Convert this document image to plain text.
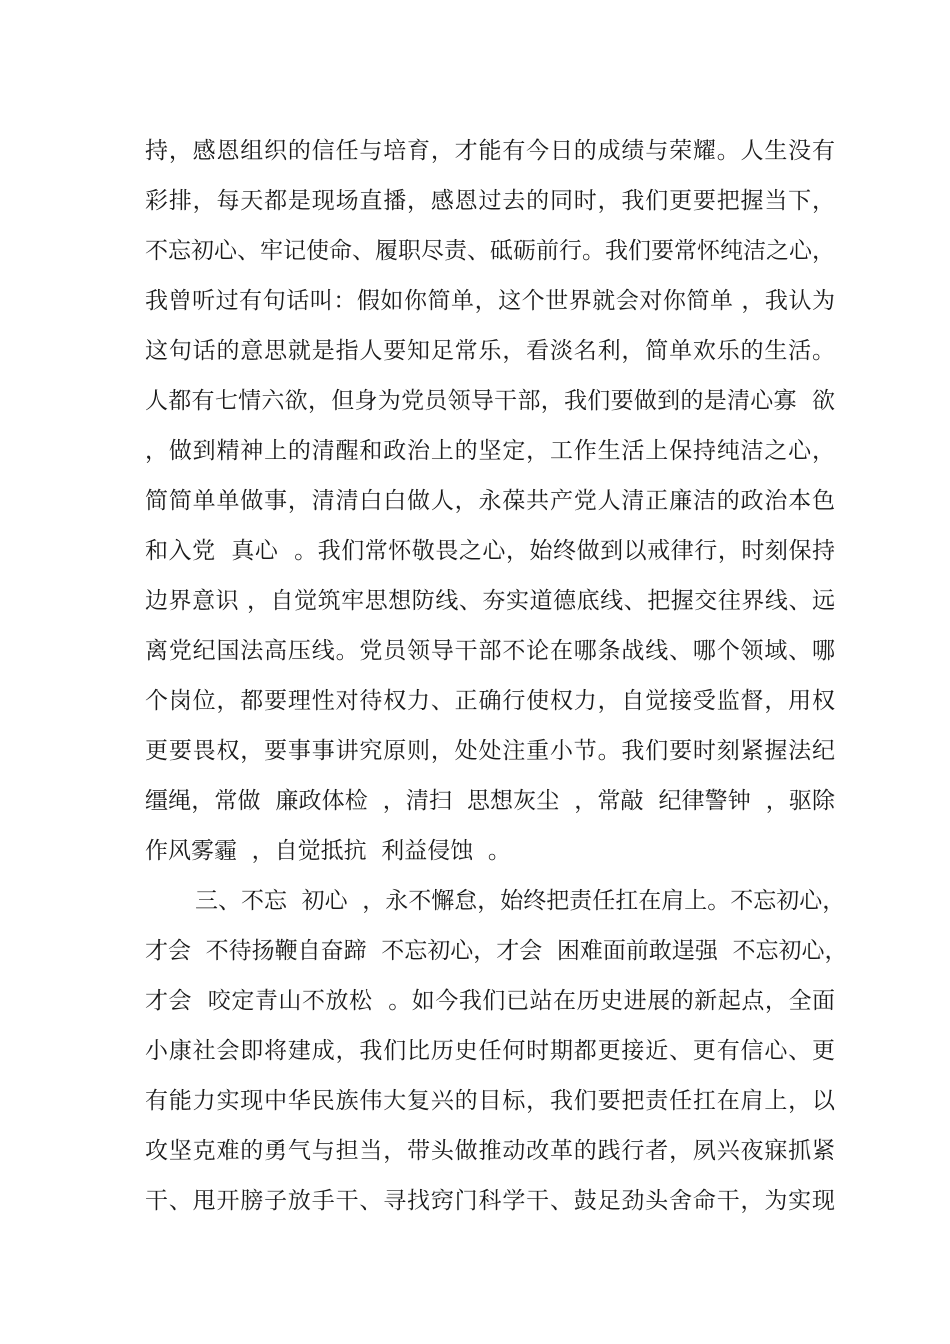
持，感恩组织的信任与培育，才能有今日的成绩与荣耀。人生没有
彩排，每天都是现场直播，感恩过去的同时，我们更要把握当下，
不忘初心、牢记使命、履职尽责、砥砺前行。我们要常怀纯洁之心，
我曾听过有句话叫：假如你简单，这个世界就会对你简单 ，我认为
这句话的意思就是指人要知足常乐，看淡名利，简单欢乐的生活。
人都有七情六欲，但身为党员领导干部，我们要做到的是清心寡  欲
，做到精神上的清醒和政治上的坚定，工作生活上保持纯洁之心，
简简单单做事，清清白白做人，永葆共产党人清正廉洁的政治本色
和入党  真心  。我们常怀敬畏之心，始终做到以戒律行，时刻保持
边界意识 ，自觉筑牢思想防线、夯实道德底线、把握交往界线、远
离党纪国法高压线。党员领导干部不论在哪条战线、哪个领域、哪
个岗位，都要理性对待权力、正确行使权力，自觉接受监督，用权
更要畏权，要事事讲究原则，处处注重小节。我们要时刻紧握法纪
缰绳，常做  廉政体检  ，清扫  思想灰尘  ，常敲  纪律警钟  ，驱除
作风雾霾  ，自觉抵抗  利益侵蚀  。
三、不忘  初心  ，永不懈怠，始终把责任扛在肩上。不忘初心，
才会  不待扬鞭自奋蹄  不忘初心，才会  困难面前敢逞强  不忘初心，
才会  咬定青山不放松  。如今我们已站在历史进展的新起点，全面
小康社会即将建成，我们比历史任何时期都更接近、更有信心、更
有能力实现中华民族伟大复兴的目标，我们要把责任扛在肩上，以
攻坚克难的勇气与担当，带头做推动改革的践行者，夙兴夜寐抓紧
干、甩开膀子放手干、寻找窍门科学干、鼓足劲头舍命干，为实现
